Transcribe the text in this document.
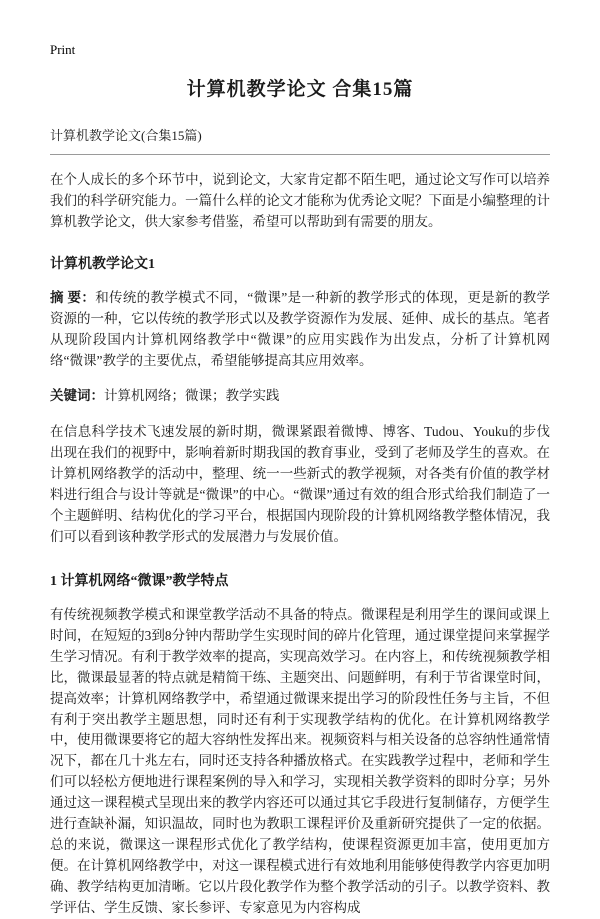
Print
计算机教学论文 合集15篇
计算机教学论文(合集15篇)

在个人成长的多个环节中，说到论文，大家肯定都不陌生吧，通过论文写作可以培养我们的科学研究能力。一篇什么样的论文才能称为优秀论文呢？下面是小编整理的计算机教学论文，供大家参考借鉴，希望可以帮助到有需要的朋友。

计算机教学论文1

摘 要：和传统的教学模式不同，“微课”是一种新的教学形式的体现，更是新的教学资源的一种，它以传统的教学形式以及教学资源作为发展、延伸、成长的基点。笔者从现阶段国内计算机网络教学中“微课”的应用实践作为出发点，分析了计算机网络“微课”教学的主要优点，希望能够提高其应用效率。

关键词：计算机网络；微课；教学实践

在信息科学技术飞速发展的新时期，微课紧跟着微博、博客、Tudou、Youku的步伐出现在我们的视野中，影响着新时期我国的教育事业，受到了老师及学生的喜欢。在计算机网络教学的活动中，整理、统一一些新式的教学视频，对各类有价值的教学材料进行组合与设计等就是“微课”的中心。“微课”通过有效的组合形式给我们制造了一个主题鲜明、结构优化的学习平台，根据国内现阶段的计算机网络教学整体情况，我们可以看到该种教学形式的发展潜力与发展价值。

1 计算机网络“微课”教学特点

有传统视频教学模式和课堂教学活动不具备的特点。微课程是利用学生的课间或课上时间，在短短的3到8分钟内帮助学生实现时间的碎片化管理，通过课堂提问来掌握学生学习情况。有利于教学效率的提高，实现高效学习。在内容上，和传统视频教学相比，微课最显著的特点就是精简干练、主题突出、问题鲜明，有利于节省课堂时间，提高效率；计算机网络教学中，希望通过微课来提出学习的阶段性任务与主旨，不但有利于突出教学主题思想，同时还有利于实现教学结构的优化。在计算机网络教学中，使用微课要将它的超大容纳性发挥出来。视频资料与相关设备的总容纳性通常情况下，都在几十兆左右，同时还支持各种播放格式。在实践教学过程中，老师和学生们可以轻松方便地进行课程案例的导入和学习，实现相关教学资料的即时分享；另外通过这一课程模式呈现出来的教学内容还可以通过其它手段进行复制储存，方便学生进行查缺补漏，知识温故，同时也为教职工课程评价及重新研究提供了一定的依据。总的来说，微课这一课程形式优化了教学结构，使课程资源更加丰富，使用更加方便。在计算机网络教学中，对这一课程模式进行有效地利用能够使得教学内容更加明确、教学结构更加清晰。它以片段化教学作为整个教学活动的引子。以教学资料、教学评估、学生反馈、家长参评、专家意见为内容构成
